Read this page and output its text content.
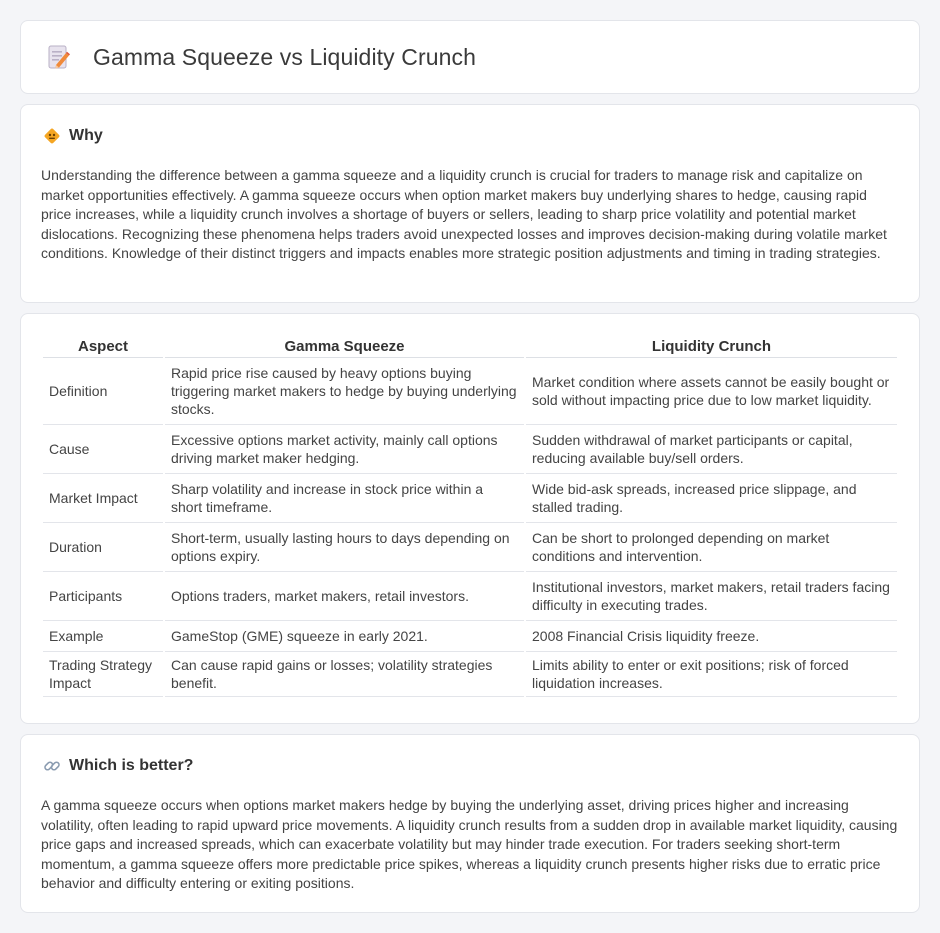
Gamma Squeeze vs Liquidity Crunch
Why

Understanding the difference between a gamma squeeze and a liquidity crunch is crucial for traders to manage risk and capitalize on market opportunities effectively. A gamma squeeze occurs when option market makers buy underlying shares to hedge, causing rapid price increases, while a liquidity crunch involves a shortage of buyers or sellers, leading to sharp price volatility and potential market dislocations. Recognizing these phenomena helps traders avoid unexpected losses and improves decision-making during volatile market conditions. Knowledge of their distinct triggers and impacts enables more strategic position adjustments and timing in trading strategies.

Aspect	Gamma Squeeze	Liquidity Crunch
Definition	Rapid price rise caused by heavy options buying triggering market makers to hedge by buying underlying stocks.	Market condition where assets cannot be easily bought or sold without impacting price due to low market liquidity.
Cause	Excessive options market activity, mainly call options driving market maker hedging.	Sudden withdrawal of market participants or capital, reducing available buy/sell orders.
Market Impact	Sharp volatility and increase in stock price within a short timeframe.	Wide bid-ask spreads, increased price slippage, and stalled trading.
Duration	Short-term, usually lasting hours to days depending on options expiry.	Can be short to prolonged depending on market conditions and intervention.
Participants	Options traders, market makers, retail investors.	Institutional investors, market makers, retail traders facing difficulty in executing trades.
Example	GameStop (GME) squeeze in early 2021.	2008 Financial Crisis liquidity freeze.
Trading Strategy Impact	Can cause rapid gains or losses; volatility strategies benefit.	Limits ability to enter or exit positions; risk of forced liquidation increases.
Which is better?

A gamma squeeze occurs when options market makers hedge by buying the underlying asset, driving prices higher and increasing volatility, often leading to rapid upward price movements. A liquidity crunch results from a sudden drop in available market liquidity, causing price gaps and increased spreads, which can exacerbate volatility but may hinder trade execution. For traders seeking short-term momentum, a gamma squeeze offers more predictable price spikes, whereas a liquidity crunch presents higher risks due to erratic price behavior and difficulty entering or exiting positions.
